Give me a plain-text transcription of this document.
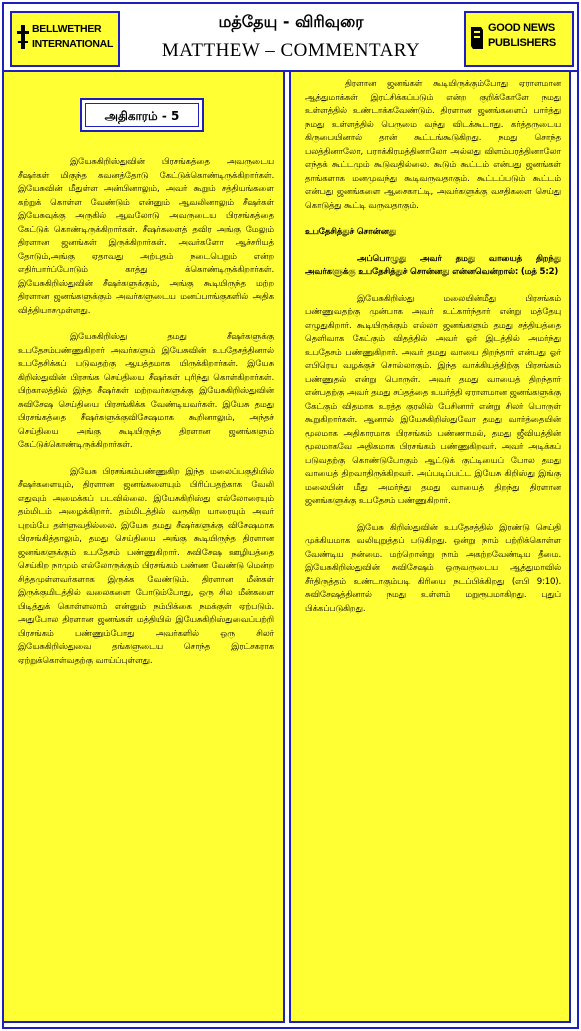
BELLWETHER INTERNATIONAL
மத்தேயு - விரிவுரை
MATTHEW – COMMENTARY
GOOD NEWS PUBLISHERS
அதிகாரம் - 5

இயேசுகிறிஸ்துவின் பிரசங்கத்தை அவருடைய சீஷர்கள் மிகுந்த கவனத்தோடு கேட்டுக்கொண்டிருக்கிறார்கள். இயேசுவின் மீதுள்ள அன்பினாலும், அவர் கூறும் சத்தியங்களை கற்றுக் கொள்ள வேண்டும் என்னும் ஆவலினாலும் சீஷர்கள் இயேசுவுக்கு அருகில் ஆவலோடு அவருடைய பிரசங்கத்தை கேட்டுக் கொண்டிருக்கிறார்கள். சீஷர்களைத் தவிர அங்கு மேலும் திரளான ஜனங்கள் இருக்கிறார்கள். அவர்களோ ஆச்சரியத் தோடும்,அங்கு ஏதாவது அற்புதம் நடைபெறும் என்ற எதிர்பார்ப்போடும் காத்து க்கொண்டிருக்கிறார்கள். இயேசுகிறிஸ்துவின் சீஷர்களுக்கும், அங்கு கூடியிருந்த மற்ற திரளான ஜனங்களுக்கும் அவர்களுடைய மனப்பாங்குகளில் அதிக வித்தியாசமுள்ளது.

இயேசுகிறிஸ்து தமது சீஷர்களுக்கு உபதேசம்பண்ணுகிறார் அவர்களும் இயேசுவின் உபதேசத்தினால் உபதேசிக்கப் படுவதற்கு ஆயத்தமாக யிருக்கிறார்கள். இயேசு கிறிஸ்துவின் பிரசங்க செய்தியை சீஷர்கள் புரிந்து கொள்கிறார்கள். பிற்காலத்தில் இந்த சீஷர்கள் மற்றவர்களுக்கு இயேசுகிறிஸ்துவின் சுவிசேஷ செய்தியை பிரசங்கிக்க வேண்டியவர்கள். இயேசு தமது பிரசங்கத்தை சீஷர்களுக்குவிசேஷமாக கூறினாலும், அந்தச் செய்தியை அங்கு கூடியிருந்த திரளான ஜனங்களும் கேட்டுக்கொண்டிருக்கிறார்கள்.

இயேசு பிரசங்கம்பண்ணுகிற இந்த மலைப்பகுதியில் சீஷர்களையும், திரளான ஜனங்களையும் பிரிப்பதற்காக வேலி எதுவும் அமைக்கப் படவில்லை. இயேசுகிறிஸ்து எல்லோரையும் தம்மிடம் அழைக்கிறார். தம்மிடத்தில் வருகிற யாரையும் அவர் புறம்பே தள்ளுவதில்லை. இயேசு தமது சீஷர்களுக்கு விசேஷமாக பிரசங்கித்தாலும், தமது செய்தியை அங்கு கூடியிருந்த திரளான ஜனங்களுக்கும் உபதேசம் பண்ணுகிறார். சுவிசேஷ ஊழியத்தை செய்கிற நாமும் எல்லோருக்கும் பிரசங்கம் பண்ண வேண்டு மென்ற சித்தமுள்ளவர்களாக இருக்க வேண்டும். திரளான மீன்கள் இருக்குமிடத்தில் வலைகளை போடும்போது, ஒரு சில மீன்களை பிடித்துக் கொள்ளலாம் என்னும் நம்பிக்கை நமக்குள் ஏற்படும். அதுபோல திரளான ஜனங்கள் மத்தியில் இயேசுகிறிஸ்துவைப்பற்றி பிரசங்கம் பண்ணும்போது அவர்களில் ஒரு சிலர் இயேசுகிறிஸ்துவை தங்களுடைய சொந்த இரட்சகராக ஏற்றுக்கொள்வதற்கு வாய்ப்புள்ளது.

திரளான ஜனங்கள் கூடியிருக்கும்போது ஏராளமான ஆத்துமாக்கள் இரட்சிக்கப்படும் என்ற குறிக்கோளே நமது உள்ளத்தில் உண்டாக்கவேண்டும். திரளான ஜனங்களைப் பார்த்து நமது உள்ளத்தில் பெருமை வந்து விடக்கூடாது. கர்த்தருடைய கிருபையினால் தான் கூட்டங்கூடுகிறது. நமது சொந்த பலத்தினாலோ, பராக்கிரமத்தினாலோ அல்லது விளம்பரத்தினாலோ எந்தக் கூட்டமும் கூடுவதில்லை. கூடும் கூட்டம் என்பது ஜனங்கள் தாங்களாக மனமுவந்து கூடிவருவதாகும். கூட்டப்படும் கூட்டம் என்பது ஜனங்களை ஆசைகாட்டி, அவர்களுக்கு வசதிகளை செய்து கொடுத்து கூட்டி வருவதாகும்.

உபதேசித்துச் சொன்னது

அப்பொழுது அவர் தமது வாயைத் திறந்து அவர்களுக்கு உபதேசித்துச் சொன்னது என்னவென்றால்: (மத் 5:2)

இயேசுகிறிஸ்து மலையின்மீது பிரசங்கம் பண்ணுவதற்கு முன்பாக அவர் உட்கார்ந்தார் என்று மத்தேயு எழுதுகிறார். கூடியிருக்கும் எல்லா ஜனங்களும் தமது சத்தியத்தை தெளிவாக கேட்கும் விதத்தில் அவர் ஓர் இடத்தில் அமர்ந்து உபதேசம் பண்ணுகிறார். அவர் தமது வாயை திறந்தார் என்பது ஓர் எபிரெய வழக்குச் சொல்லாகும். இந்த வாக்கியத்திற்கு பிரசங்கம் பண்ணுதல் என்று பொருள். அவர் தமது வாயைத் திறந்தார் என்பதற்கு அவர் தமது சப்தத்தை உயர்த்தி ஏராளமான ஜனங்களுக்கு கேட்கும் விதமாக உரத்த குரலில் பேசினார் என்று சிலர் பொருள் கூறுகிறார்கள். ஆனால் இயேசுகிறிஸ்துவோ தமது வார்த்தையின் மூலமாக அதிகாரமாக பிரசங்கம் பண்ணாமல், தமது ஜீவியத்தின் மூலமாகவே அதிகமாக பிரசங்கம் பண்ணுகிறவர். அவர் அடிக்கப் படுவதற்கு கொண்டுபோகும் ஆட்டுக் குட்டியைப் போல தமது வாயைத் திறவாதிருக்கிறவர். அப்படிப்பட்ட இயேசு கிறிஸ்து இங்கு மலையின் மீது அமர்ந்து தமது வாயைத் திறந்து திரளான ஜனங்களுக்கு உபதேசம் பண்ணுகிறார்.

இயேசு கிறிஸ்துவின் உபதேசத்தில் இரண்டு செய்தி முக்கியமாக வலியுறுத்தப் படுகிறது. ஒன்று நாம் பற்றிக்கொள்ள வேண்டிய நன்மை. மற்றொன்று நாம் அகற்றவேண்டிய தீமை. இயேசுகிறிஸ்துவின் சுவிசேஷம் ஒருவருடைய ஆத்துமாவில் சீர்திருத்தம் உண்டாகும்படி கிரியை நடப்பிக்கிறது (எபி 9:10). சுவிசேஷத்தினால் நமது உள்ளம் மறுரூபமாகிறது. புதுப் பிக்கப்படுகிறது.
